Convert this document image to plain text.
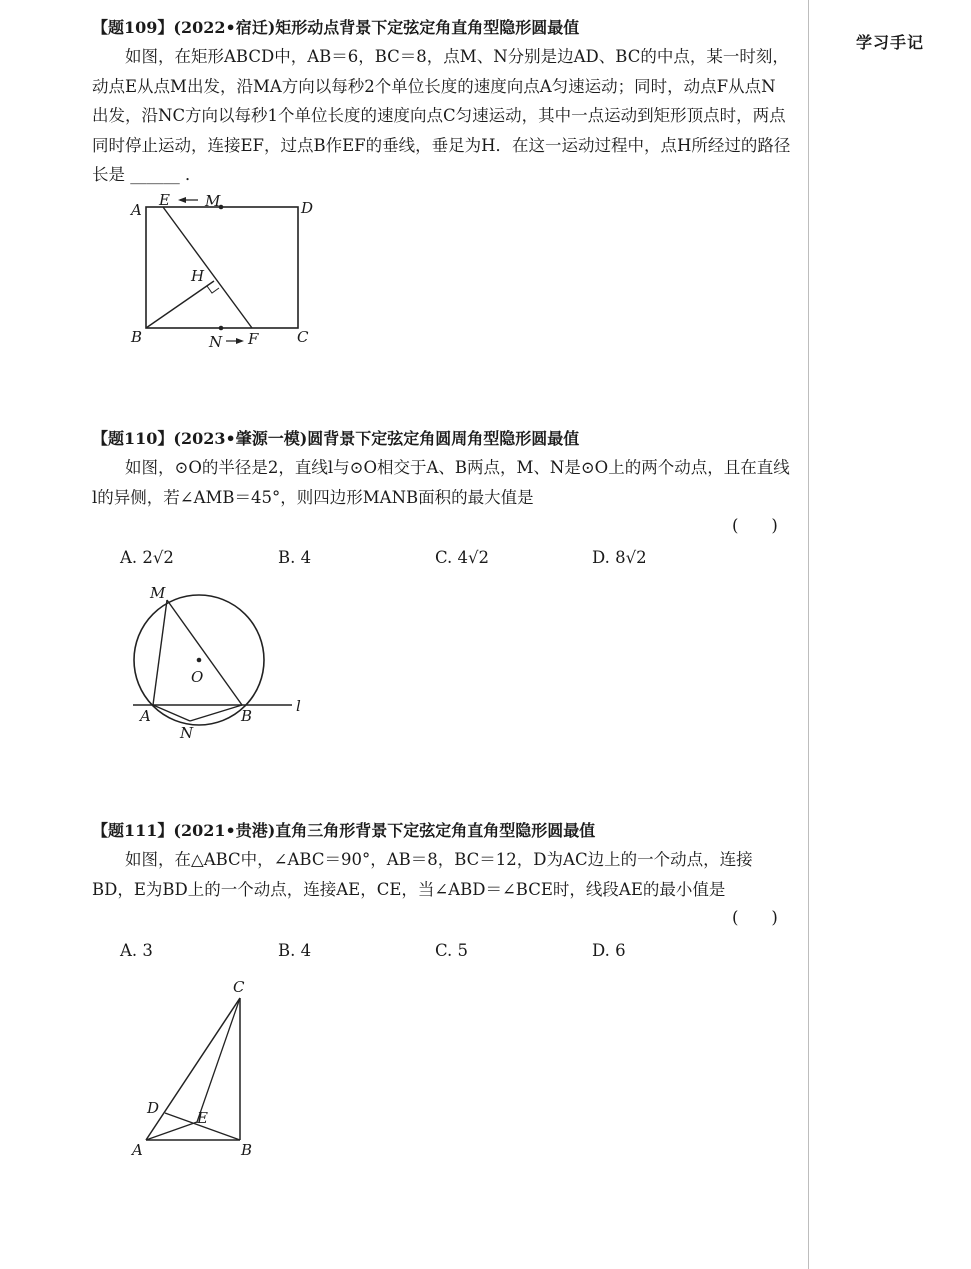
学习手记
【题109】(2022•宿迁)矩形动点背景下定弦定角直角型隐形圆最值
如图，在矩形ABCD中，AB＝6，BC＝8，点M、N分别是边AD、BC的中点，某一时刻，动点E从点M出发，沿MA方向以每秒2个单位长度的速度向点A匀速运动；同时，动点F从点N出发，沿NC方向以每秒1个单位长度的速度向点C匀速运动，其中一点运动到矩形顶点时，两点同时停止运动，连接EF，过点B作EF的垂线，垂足为H．在这一运动过程中，点H所经过的路径长是 ______ ．
A
E M	D
H
B	N F	C
【题110】(2023•肇源一模)圆背景下定弦定角圆周角型隐形圆最值
如图，⊙O的半径是2，直线l与⊙O相交于A、B两点，M、N是⊙O上的两个动点，且在直线l的异侧，若∠AMB＝45°，则四边形MANB面积的最大值是
(　　)
A. 2√2	B. 4	C. 4√2	D. 8√2
M
O
A	B
N
l
【题111】(2021•贵港)直角三角形背景下定弦定角直角型隐形圆最值
如图，在△ABC中，∠ABC＝90°，AB＝8，BC＝12，D为AC边上的一个动点，连接BD，E为BD上的一个动点，连接AE，CE，当∠ABD＝∠BCE时，线段AE的最小值是
(　　)
A. 3	B. 4	C. 5	D. 6
C
D
E
A	B
